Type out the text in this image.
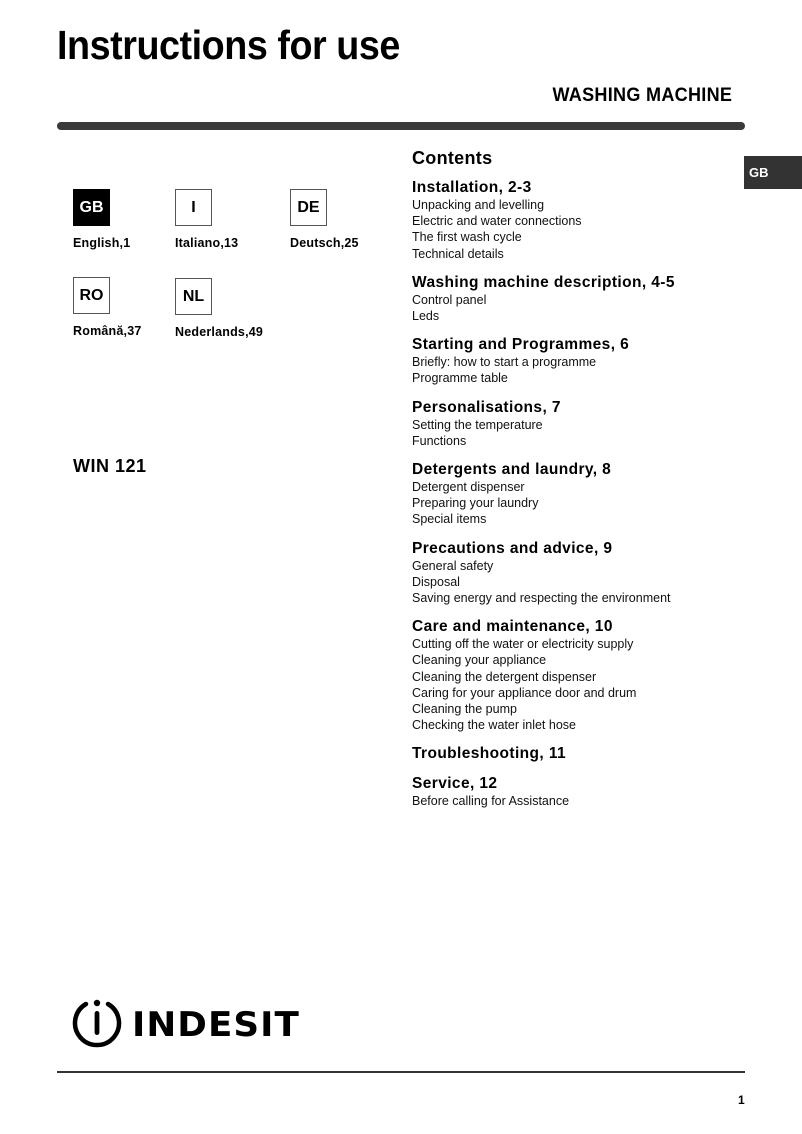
Instructions for use
WASHING MACHINE
GB
GB
English,1
I
Italiano,13
DE
Deutsch,25
RO
Română,37
NL
Nederlands,49
WIN 121
Contents
Installation, 2-3
Unpacking and levelling
Electric and water connections
The first wash cycle
Technical details
Washing machine description, 4-5
Control panel
Leds
Starting and Programmes, 6
Briefly: how to start a programme
Programme table
Personalisations, 7
Setting the temperature
Functions
Detergents and laundry, 8
Detergent dispenser
Preparing your laundry
Special items
Precautions and advice, 9
General safety
Disposal
Saving energy and respecting the environment
Care and maintenance, 10
Cutting off the water or electricity supply
Cleaning your appliance
Cleaning the detergent dispenser
Caring for your appliance door and drum
Cleaning the pump
Checking the water inlet hose
Troubleshooting, 11
Service, 12
Before calling for Assistance
INDESIT
1
